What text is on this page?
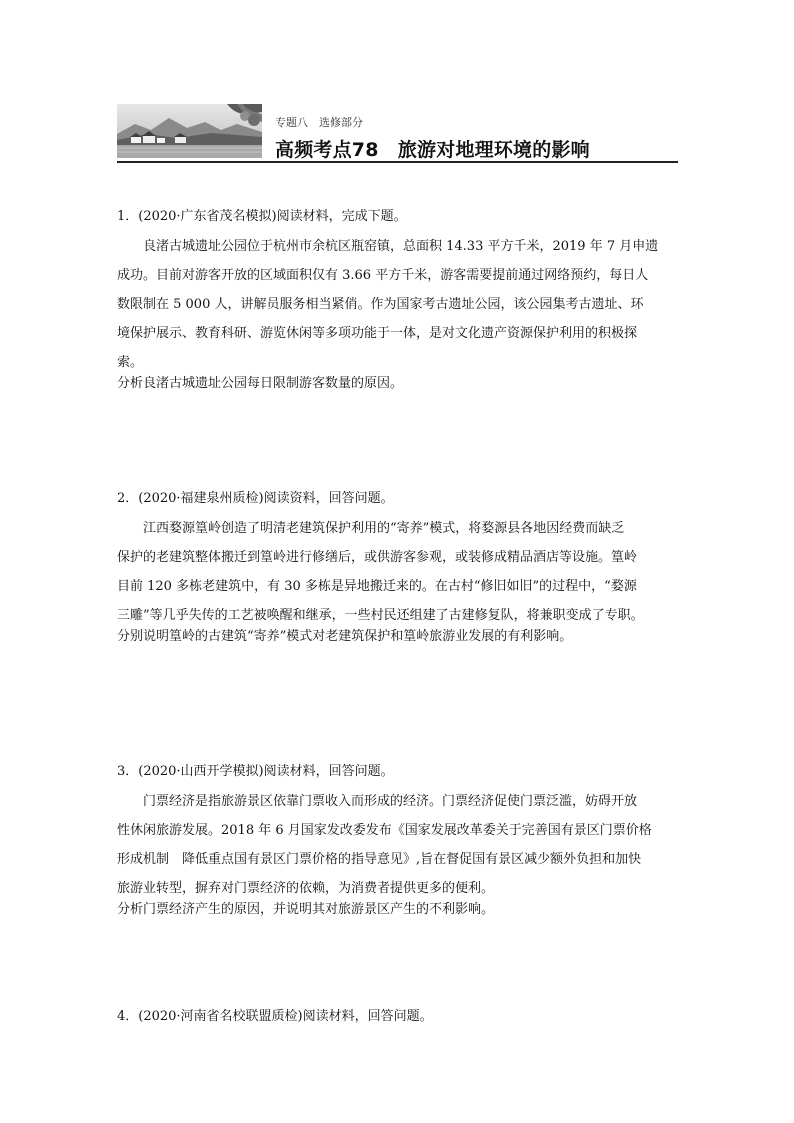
专题八　选修部分
高频考点78　旅游对地理环境的影响
1．(2020·广东省茂名模拟)阅读材料，完成下题。
良渚古城遗址公园位于杭州市余杭区瓶窑镇，总面积 14.33 平方千米，2019 年 7 月申遗
成功。目前对游客开放的区域面积仅有 3.66 平方千米，游客需要提前通过网络预约，每日人
数限制在 5 000 人，讲解员服务相当紧俏。作为国家考古遗址公园，该公园集考古遗址、环
境保护展示、教育科研、游览休闲等多项功能于一体，是对文化遗产资源保护利用的积极探
索。
分析良渚古城遗址公园每日限制游客数量的原因。
2．(2020·福建泉州质检)阅读资料，回答问题。
江西婺源篁岭创造了明清老建筑保护利用的“寄养”模式，将婺源县各地因经费而缺乏
保护的老建筑整体搬迁到篁岭进行修缮后，或供游客参观，或装修成精品酒店等设施。篁岭
目前 120 多栋老建筑中，有 30 多栋是异地搬迁来的。在古村“修旧如旧”的过程中，“婺源
三雕”等几乎失传的工艺被唤醒和继承，一些村民还组建了古建修复队，将兼职变成了专职。
分别说明篁岭的古建筑“寄养”模式对老建筑保护和篁岭旅游业发展的有利影响。
3．(2020·山西开学模拟)阅读材料，回答问题。
门票经济是指旅游景区依靠门票收入而形成的经济。门票经济促使门票泛滥，妨碍开放
性休闲旅游发展。2018 年 6 月国家发改委发布《国家发展改革委关于完善国有景区门票价格
形成机制　降低重点国有景区门票价格的指导意见》,旨在督促国有景区减少额外负担和加快
旅游业转型，摒弃对门票经济的依赖，为消费者提供更多的便利。
分析门票经济产生的原因，并说明其对旅游景区产生的不利影响。
4．(2020·河南省名校联盟质检)阅读材料，回答问题。
